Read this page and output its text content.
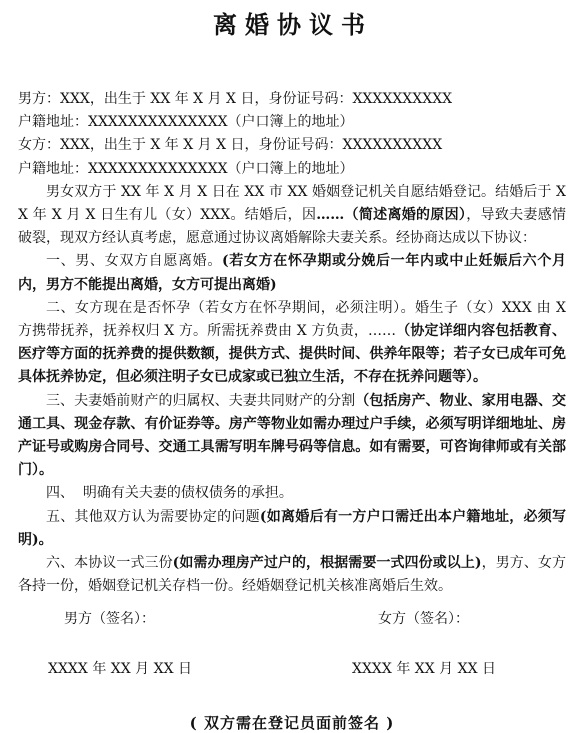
离婚协议书
男方：XXX，出生于 XX 年 X 月 X 日，身份证号码：XXXXXXXXXX
户籍地址：XXXXXXXXXXXXXX（户口簿上的地址）
女方：XXX，出生于 X 年 X 月 X 日，身份证号码：XXXXXXXXXX
户籍地址：XXXXXXXXXXXXXX（户口簿上的地址）

男女双方于 XX 年 X 月 X 日在 XX 市 XX 婚姻登记机关自愿结婚登记。结婚后于 XX 年 X 月 X 日生有儿（女）XXX。结婚后，因……（简述离婚的原因），导致夫妻感情破裂，现双方经认真考虑，愿意通过协议离婚解除夫妻关系。经协商达成以下协议：

一、男、女双方自愿离婚。(若女方在怀孕期或分娩后一年内或中止妊娠后六个月内，男方不能提出离婚，女方可提出离婚)

二、女方现在是否怀孕（若女方在怀孕期间，必须注明）。婚生子（女）XXX 由 X 方携带抚养，抚养权归 X 方。所需抚养费由 X 方负责，……（协定详细内容包括教育、医疗等方面的抚养费的提供数额，提供方式、提供时间、供养年限等；若子女已成年可免具体抚养协定，但必须注明子女已成家或已独立生活，不存在抚养问题等）。

三、夫妻婚前财产的归属权、夫妻共同财产的分割（包括房产、物业、家用电器、交通工具、现金存款、有价证券等。房产等物业如需办理过户手续，必须写明详细地址、房产证号或购房合同号、交通工具需写明车牌号码等信息。如有需要，可咨询律师或有关部门）。

四、  明确有关夫妻的债权债务的承担。

五、其他双方认为需要协定的问题(如离婚后有一方户口需迁出本户籍地址，必须写明)。

六、本协议一式三份(如需办理房产过户的，根据需要一式四份或以上)，男方、女方各持一份，婚姻登记机关存档一份。经婚姻登记机关核准离婚后生效。

男方（签名）：	女方（签名）：
XXXX 年 XX 月 XX 日	XXXX 年 XX 月 XX 日
( 双方需在登记员面前签名 )
